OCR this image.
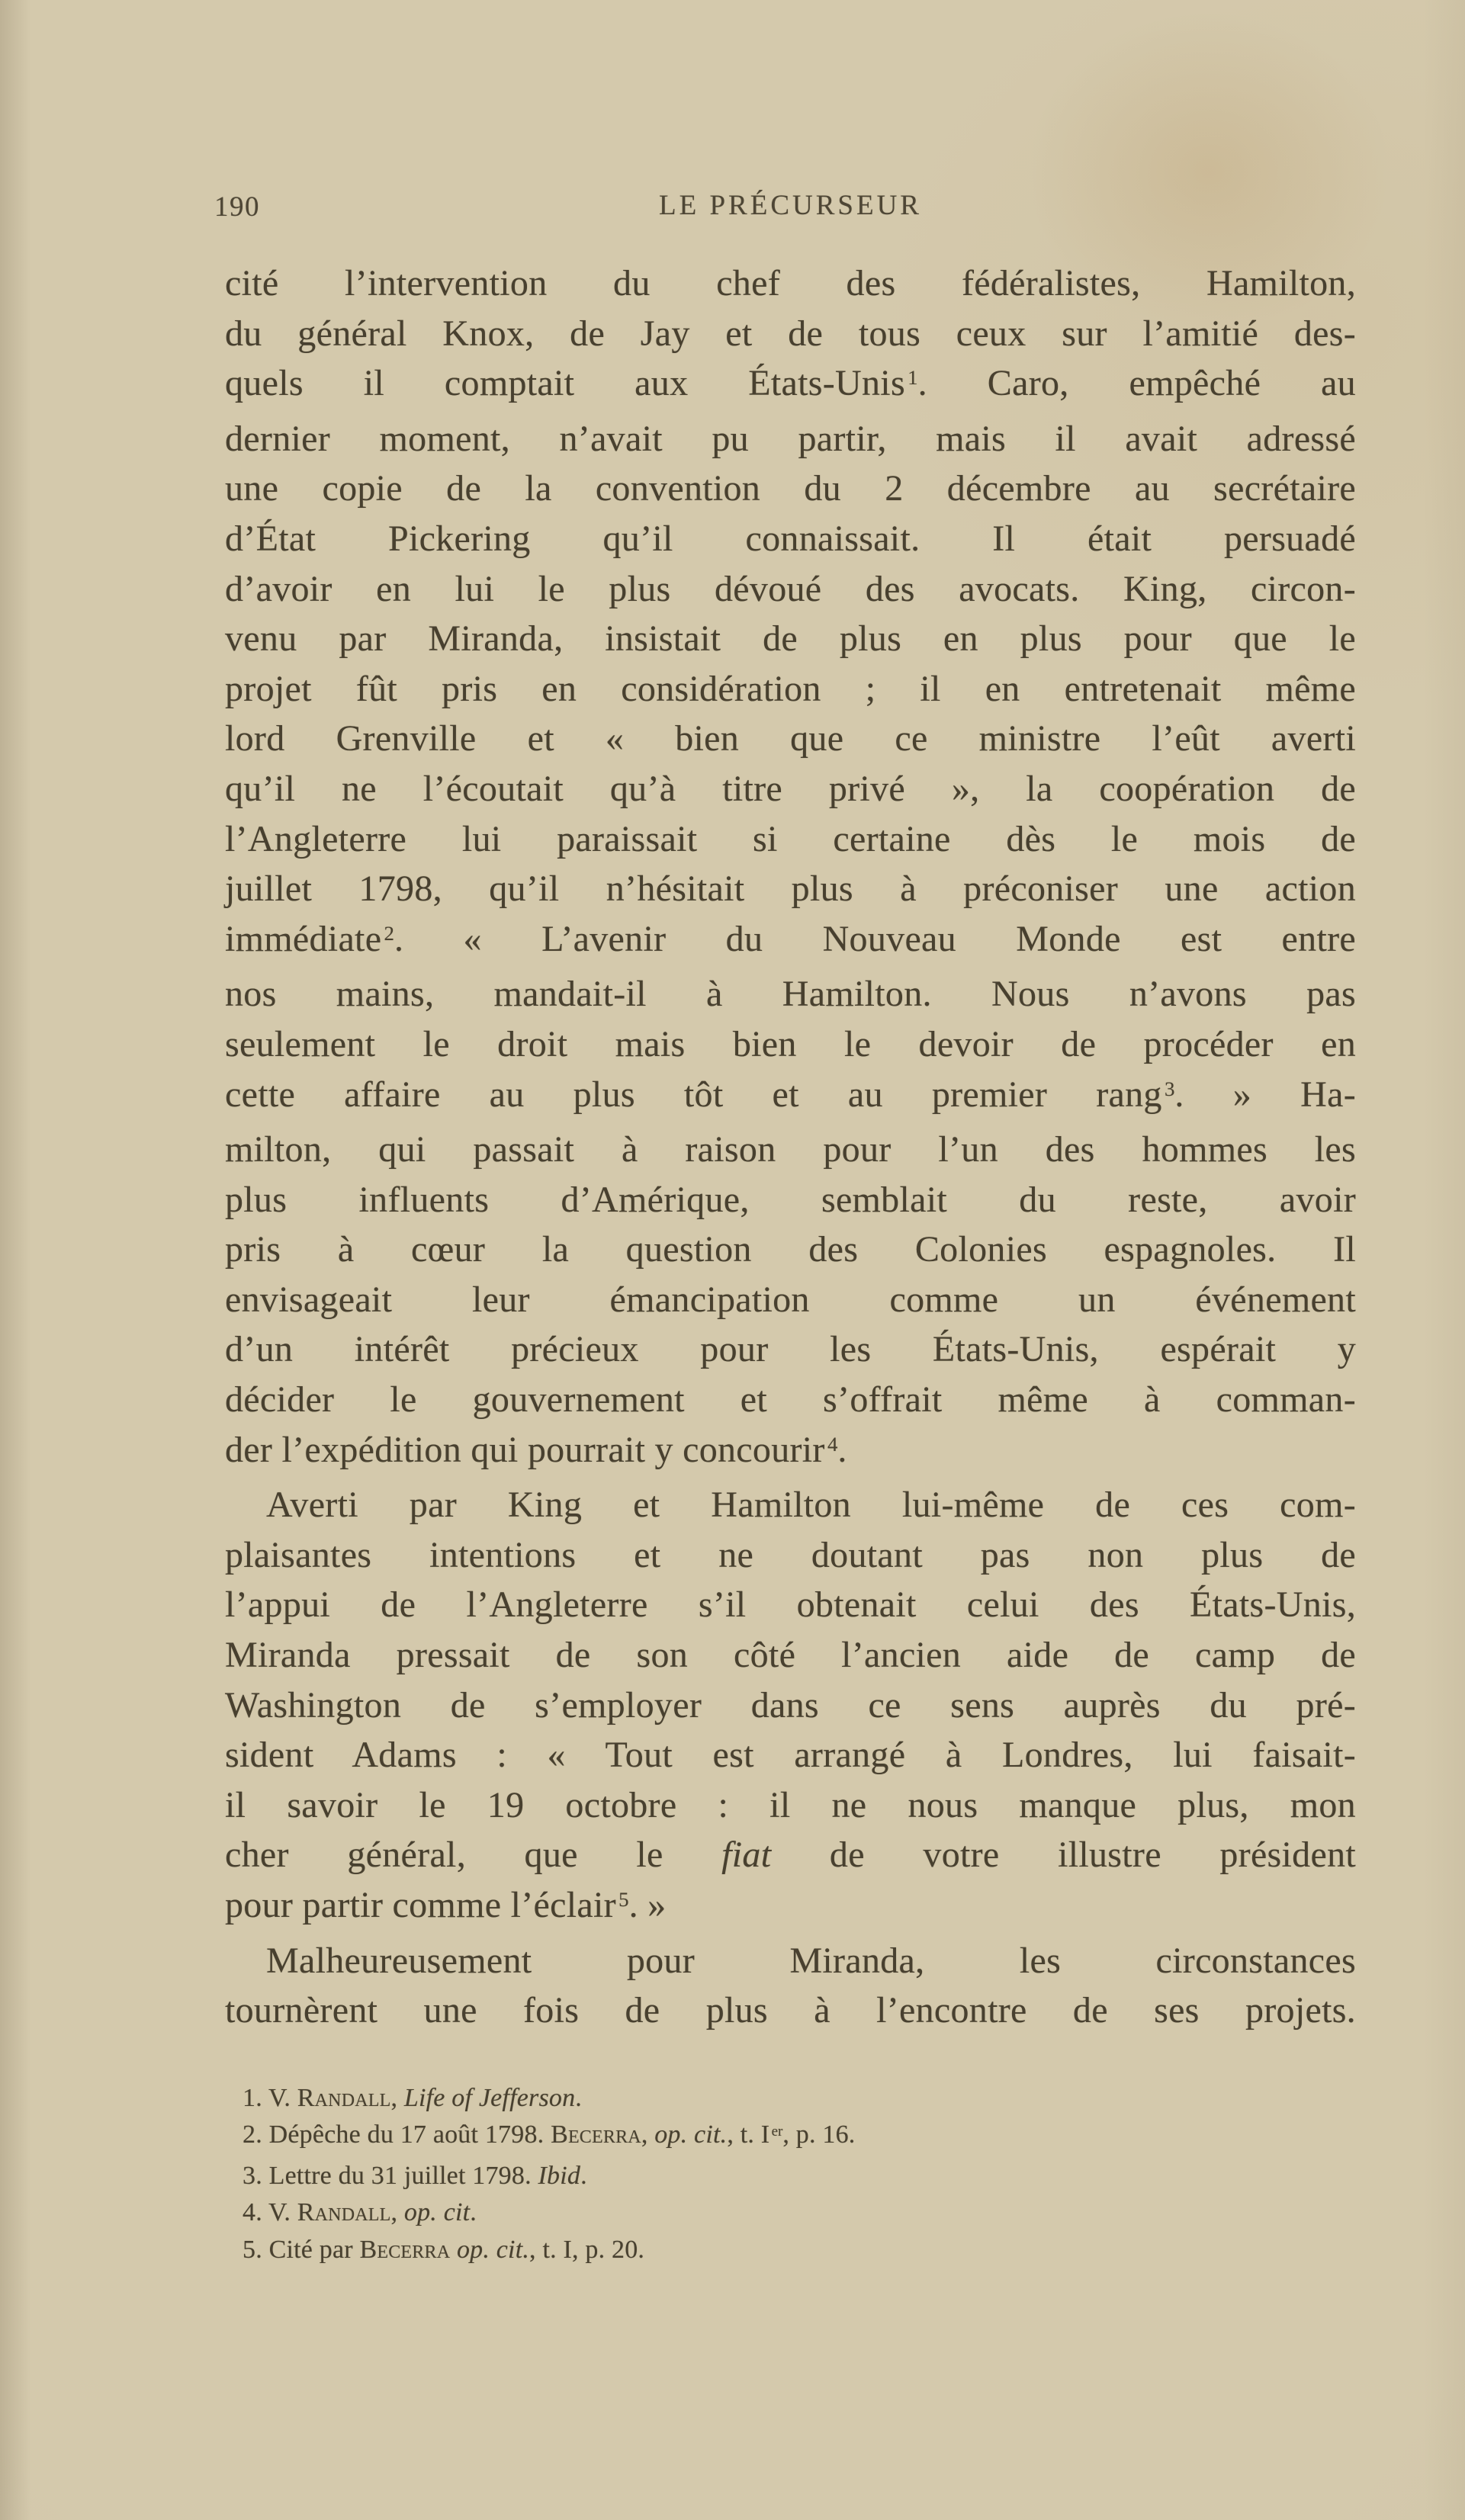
190	LE PRÉCURSEUR
cité l’intervention du chef des fédéralistes, Hamilton,
du général Knox, de Jay et de tous ceux sur l’amitié des-
quels il comptait aux États-Unis $^1$. Caro, empêché au
dernier moment, n’avait pu partir, mais il avait adressé
une copie de la convention du 2 décembre au secrétaire
d’État Pickering qu’il connaissait. Il était persuadé
d’avoir en lui le plus dévoué des avocats. King, circon-
venu par Miranda, insistait de plus en plus pour que le
projet fût pris en considération ; il en entretenait même
lord Grenville et « bien que ce ministre l’eût averti
qu’il ne l’écoutait qu’à titre privé », la coopération de
l’Angleterre lui paraissait si certaine dès le mois de
juillet 1798, qu’il n’hésitait plus à préconiser une action
immédiate $^2$. « L’avenir du Nouveau Monde est entre
nos mains, mandait-il à Hamilton. Nous n’avons pas
seulement le droit mais bien le devoir de procéder en
cette affaire au plus tôt et au premier rang $^3$. » Ha-
milton, qui passait à raison pour l’un des hommes les
plus influents d’Amérique, semblait du reste, avoir
pris à cœur la question des Colonies espagnoles. Il
envisageait leur émancipation comme un événement
d’un intérêt précieux pour les États-Unis, espérait y
décider le gouvernement et s’offrait même à comman-
der l’expédition qui pourrait y concourir $^4$.
Averti par King et Hamilton lui-même de ces com-
plaisantes intentions et ne doutant pas non plus de
l’appui de l’Angleterre s’il obtenait celui des États-Unis,
Miranda pressait de son côté l’ancien aide de camp de
Washington de s’employer dans ce sens auprès du pré-
sident Adams : « Tout est arrangé à Londres, lui faisait-
il savoir le 19 octobre : il ne nous manque plus, mon
cher général, que le fiat de votre illustre président
pour partir comme l’éclair $^5$. »
Malheureusement pour Miranda, les circonstances
tournèrent une fois de plus à l’encontre de ses projets.
1. V. Randall, Life of Jefferson.
2. Dépêche du 17 août 1798. Becerra, op. cit., t. I $^{er}$, p. 16.
3. Lettre du 31 juillet 1798. Ibid.
4. V. Randall, op. cit.
5. Cité par Becerra op. cit., t. I, p. 20.
